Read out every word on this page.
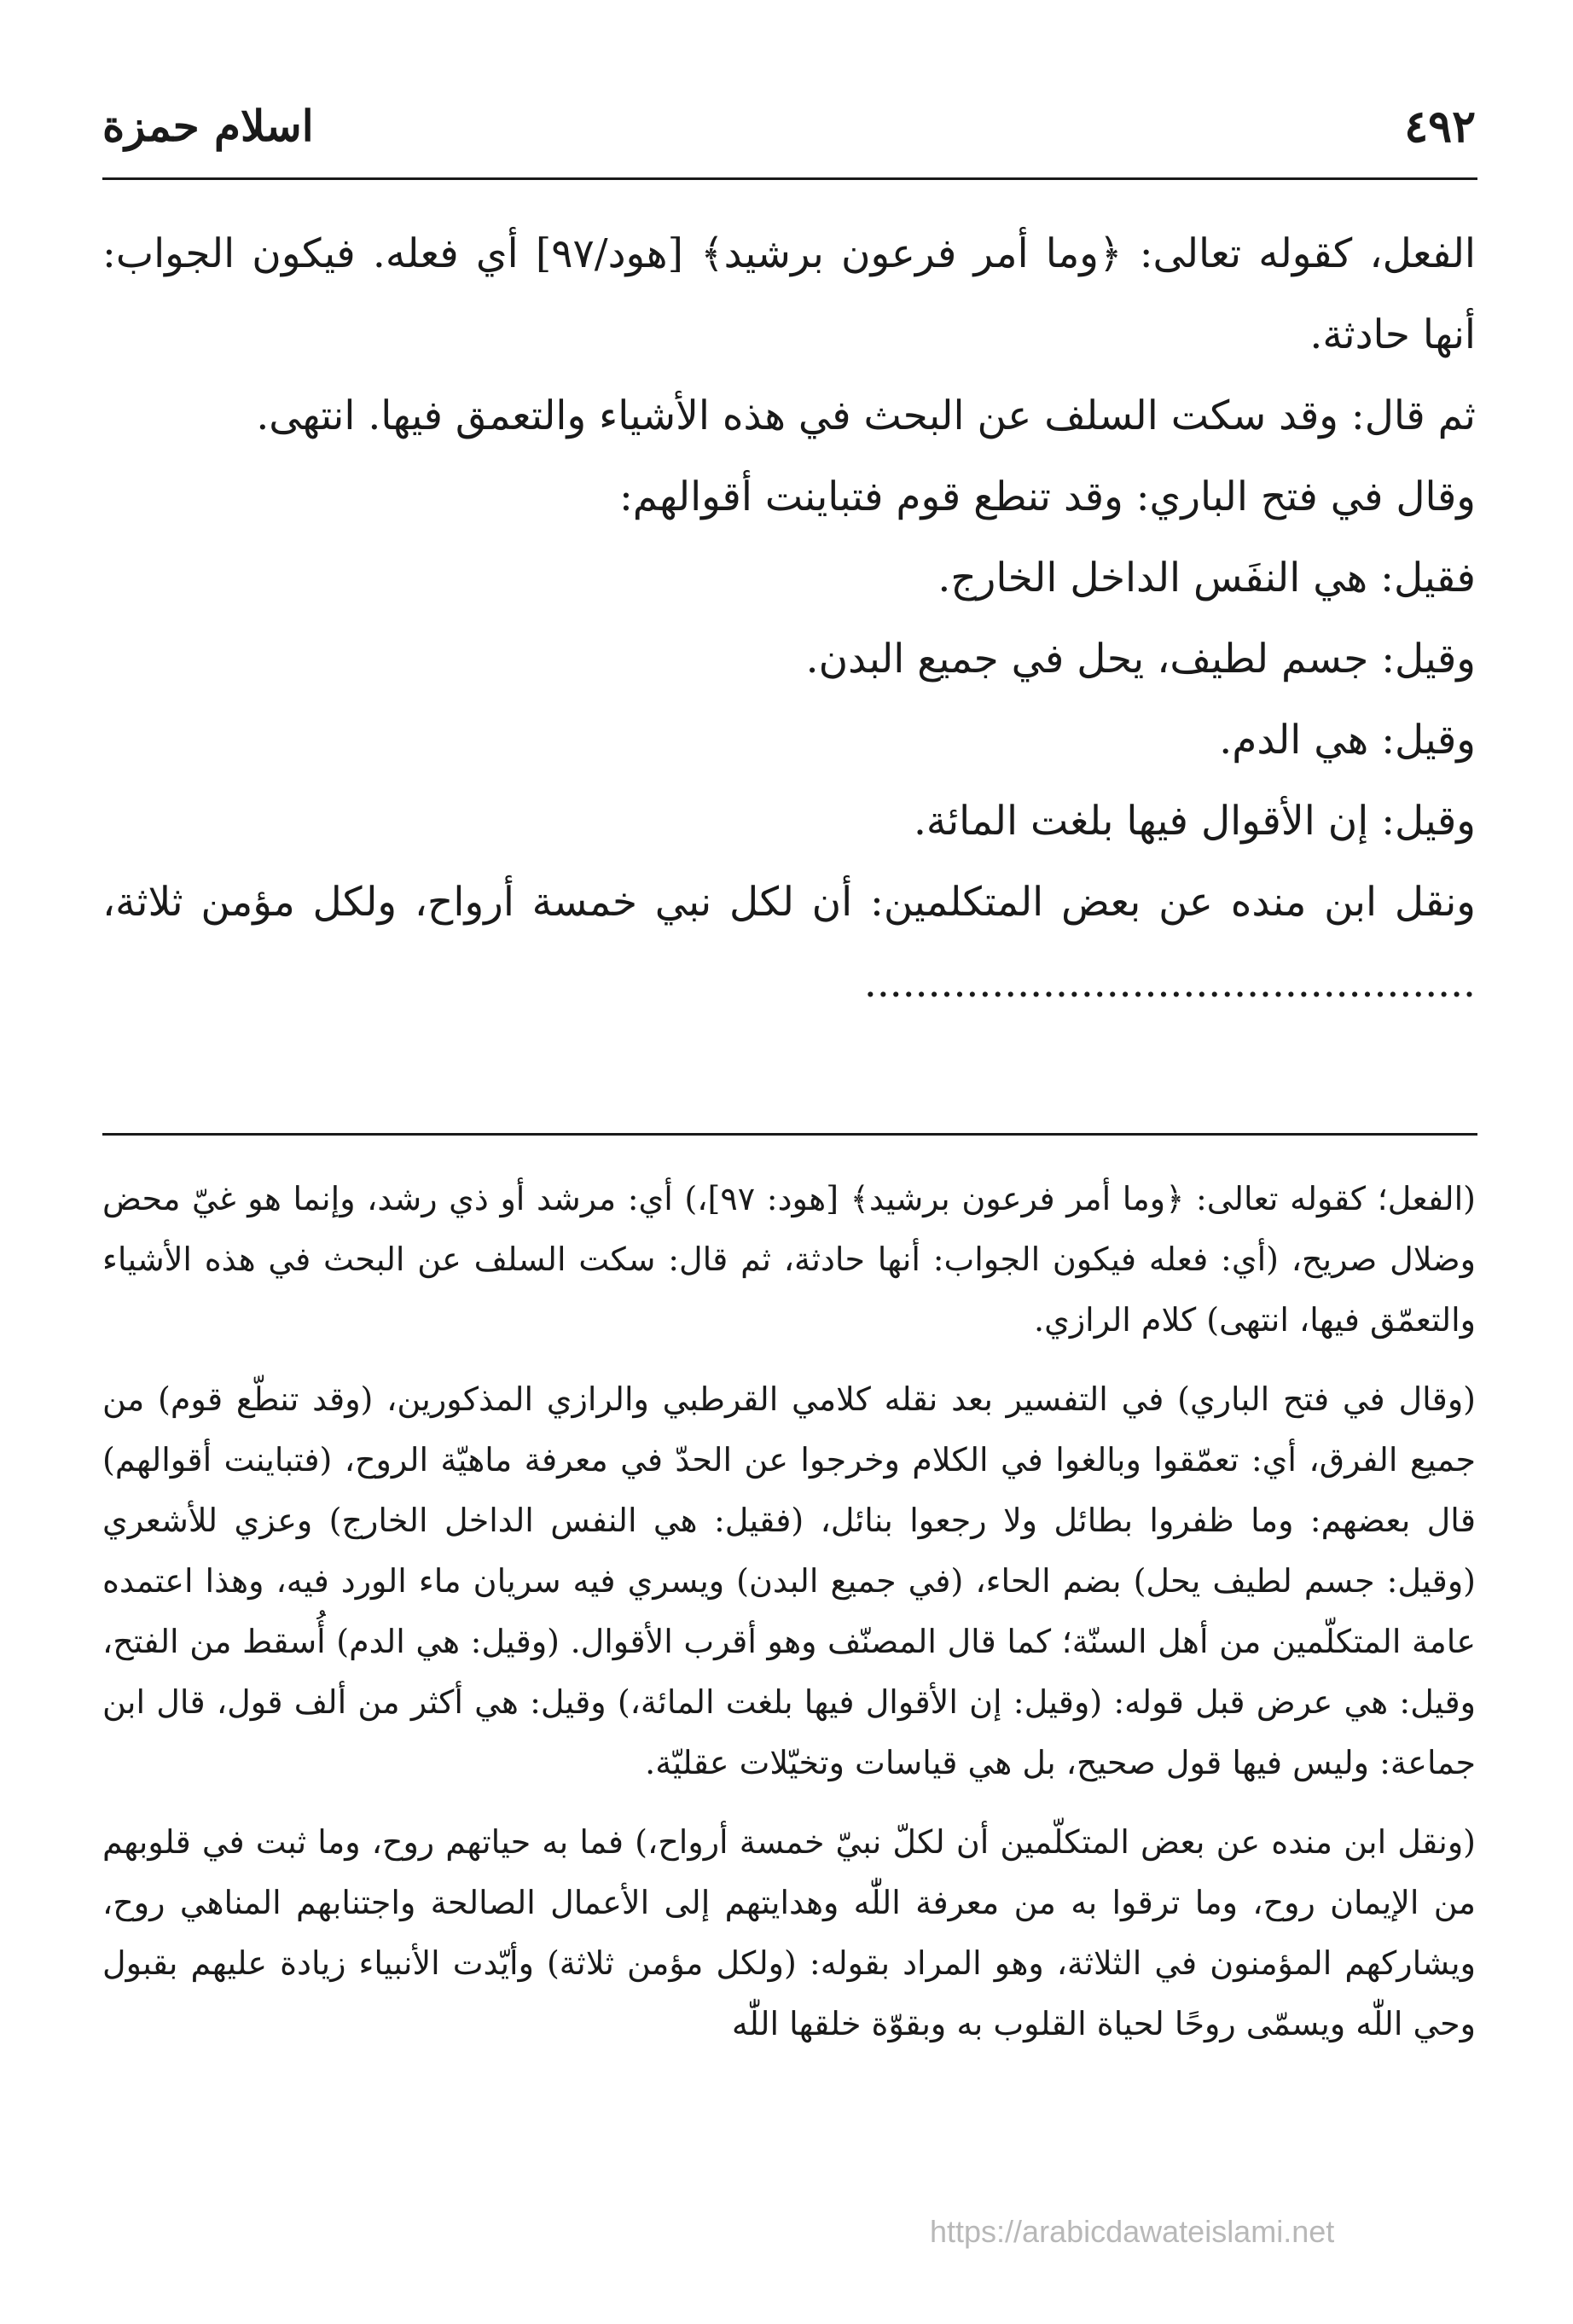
٤٩٢
اسلام حمزة

الفعل، كقوله تعالى: ﴿وما أمر فرعون برشيد﴾ [هود/٩٧] أي فعله. فيكون الجواب: أنها حادثة.

ثم قال: وقد سكت السلف عن البحث في هذه الأشياء والتعمق فيها. انتهى.

وقال في فتح الباري: وقد تنطع قوم فتباينت أقوالهم:

فقيل: هي النفَس الداخل الخارج.

وقيل: جسم لطيف، يحل في جميع البدن.

وقيل: هي الدم.

وقيل: إن الأقوال فيها بلغت المائة.

ونقل ابن منده عن بعض المتكلمين: أن لكل نبي خمسة أرواح، ولكل مؤمن ثلاثة، ................................................

(الفعل؛ كقوله تعالى: ﴿وما أمر فرعون برشيد﴾ [هود: ٩٧]،) أي: مرشد أو ذي رشد، وإنما هو غيّ محض وضلال صريح، (أي: فعله فيكون الجواب: أنها حادثة، ثم قال: سكت السلف عن البحث في هذه الأشياء والتعمّق فيها، انتهى) كلام الرازي.

(وقال في فتح الباري) في التفسير بعد نقله كلامي القرطبي والرازي المذكورين، (وقد تنطّع قوم) من جميع الفرق، أي: تعمّقوا وبالغوا في الكلام وخرجوا عن الحدّ في معرفة ماهيّة الروح، (فتباينت أقوالهم) قال بعضهم: وما ظفروا بطائل ولا رجعوا بنائل، (فقيل: هي النفس الداخل الخارج) وعزي للأشعري (وقيل: جسم لطيف يحل) بضم الحاء، (في جميع البدن) ويسري فيه سريان ماء الورد فيه، وهذا اعتمده عامة المتكلّمين من أهل السنّة؛ كما قال المصنّف وهو أقرب الأقوال. (وقيل: هي الدم) أُسقط من الفتح، وقيل: هي عرض قبل قوله: (وقيل: إن الأقوال فيها بلغت المائة،) وقيل: هي أكثر من ألف قول، قال ابن جماعة: وليس فيها قول صحيح، بل هي قياسات وتخيّلات عقليّة.

(ونقل ابن منده عن بعض المتكلّمين أن لكلّ نبيّ خمسة أرواح،) فما به حياتهم روح، وما ثبت في قلوبهم من الإيمان روح، وما ترقوا به من معرفة اللّٰه وهدايتهم إلى الأعمال الصالحة واجتنابهم المناهي روح، ويشاركهم المؤمنون في الثلاثة، وهو المراد بقوله: (ولكل مؤمن ثلاثة) وأيّدت الأنبياء زيادة عليهم بقبول وحي اللّٰه ويسمّى روحًا لحياة القلوب به وبقوّة خلقها اللّٰه

https://arabicdawateislami.net
